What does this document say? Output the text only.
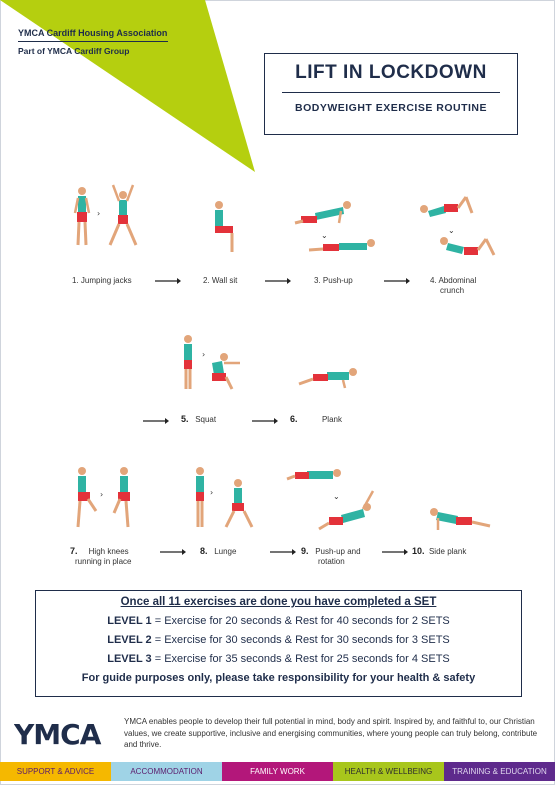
YMCA Cardiff Housing Association
Part of YMCA Cardiff Group
LIFT IN LOCKDOWN
BODYWEIGHT EXERCISE ROUTINE
›
1. Jumping jacks	2. Wall sit
⌄
3. Push-up
⌄
4. Abdominal
crunch
›
5. Squat	6.	Plank
›
7. High knees
running in place
›
8. Lunge
⌄
9. Push-up and
rotation
10. Side plank
Once all 11 exercises are done you have completed a SET
LEVEL 1 = Exercise for 20 seconds & Rest for 40 seconds for 2 SETS
LEVEL 2 = Exercise for 30 seconds & Rest for 30 seconds for 3 SETS
LEVEL 3 = Exercise for 35 seconds & Rest for 25 seconds for 4 SETS
For guide purposes only, please take responsibility for your health & safety
YMCA	YMCA enables people to develop their full potential in mind, body and spirit. Inspired by, and faithful to, our Christian values, we create supportive, inclusive and energising communities, where young people can truly belong, contribute and thrive.
SUPPORT & ADVICE	ACCOMMODATION	FAMILY WORK	HEALTH & WELLBEING	TRAINING & EDUCATION
